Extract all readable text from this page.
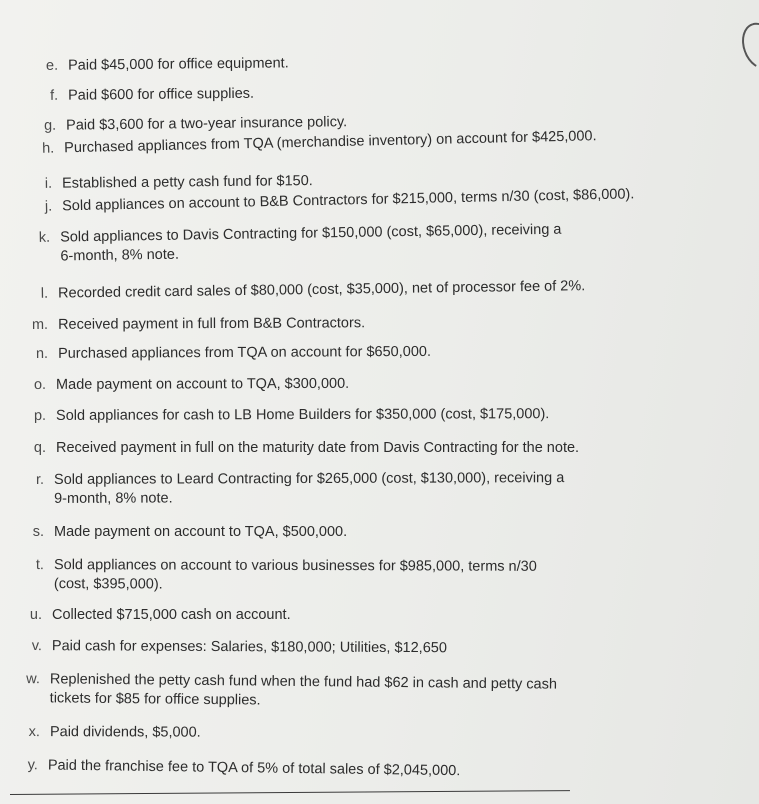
e. Paid $45,000 for office equipment.
f. Paid $600 for office supplies.
g. Paid $3,600 for a two-year insurance policy.
h. Purchased appliances from TQA (merchandise inventory) on account for $425,000.
i. Established a petty cash fund for $150.
j. Sold appliances on account to B&B Contractors for $215,000, terms n/30 (cost, $86,000).
k. Sold appliances to Davis Contracting for $150,000 (cost, $65,000), receiving a
6-month, 8% note.
l. Recorded credit card sales of $80,000 (cost, $35,000), net of processor fee of 2%.
m. Received payment in full from B&B Contractors.
n. Purchased appliances from TQA on account for $650,000.
o. Made payment on account to TQA, $300,000.
p. Sold appliances for cash to LB Home Builders for $350,000 (cost, $175,000).
q. Received payment in full on the maturity date from Davis Contracting for the note.
r. Sold appliances to Leard Contracting for $265,000 (cost, $130,000), receiving a
9-month, 8% note.
s. Made payment on account to TQA, $500,000.
t. Sold appliances on account to various businesses for $985,000, terms n/30
(cost, $395,000).
u. Collected $715,000 cash on account.
v. Paid cash for expenses: Salaries, $180,000; Utilities, $12,650
w. Replenished the petty cash fund when the fund had $62 in cash and petty cash
tickets for $85 for office supplies.
x. Paid dividends, $5,000.
y. Paid the franchise fee to TQA of 5% of total sales of $2,045,000.
